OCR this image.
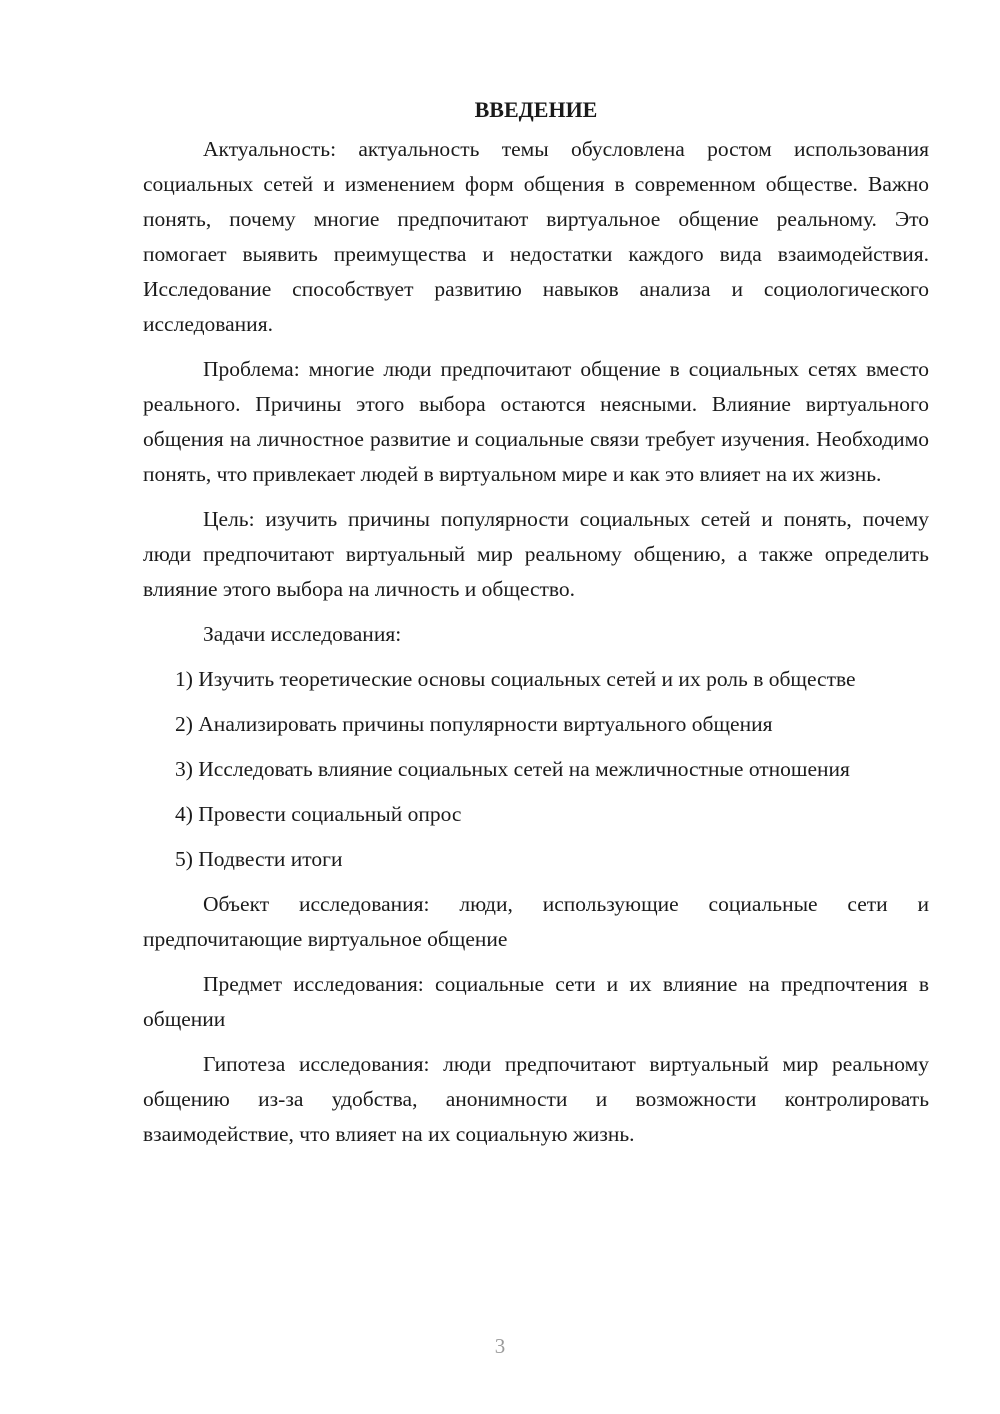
ВВЕДЕНИЕ

Актуальность: актуальность темы обусловлена ростом использования социальных сетей и изменением форм общения в современном обществе. Важно понять, почему многие предпочитают виртуальное общение реальному. Это помогает выявить преимущества и недостатки каждого вида взаимодействия. Исследование способствует развитию навыков анализа и социологического исследования.

Проблема: многие люди предпочитают общение в социальных сетях вместо реального. Причины этого выбора остаются неясными. Влияние виртуального общения на личностное развитие и социальные связи требует изучения. Необходимо понять, что привлекает людей в виртуальном мире и как это влияет на их жизнь.

Цель: изучить причины популярности социальных сетей и понять, почему люди предпочитают виртуальный мир реальному общению, а также определить влияние этого выбора на личность и общество.

Задачи исследования:

1) Изучить теоретические основы социальных сетей и их роль в обществе

2) Анализировать причины популярности виртуального общения

3) Исследовать влияние социальных сетей на межличностные отношения

4) Провести социальный опрос

5) Подвести итоги

Объект исследования: люди, использующие социальные сети и предпочитающие виртуальное общение

Предмет исследования: социальные сети и их влияние на предпочтения в общении

Гипотеза исследования: люди предпочитают виртуальный мир реальному общению из-за удобства, анонимности и возможности контролировать взаимодействие, что влияет на их социальную жизнь.

3
